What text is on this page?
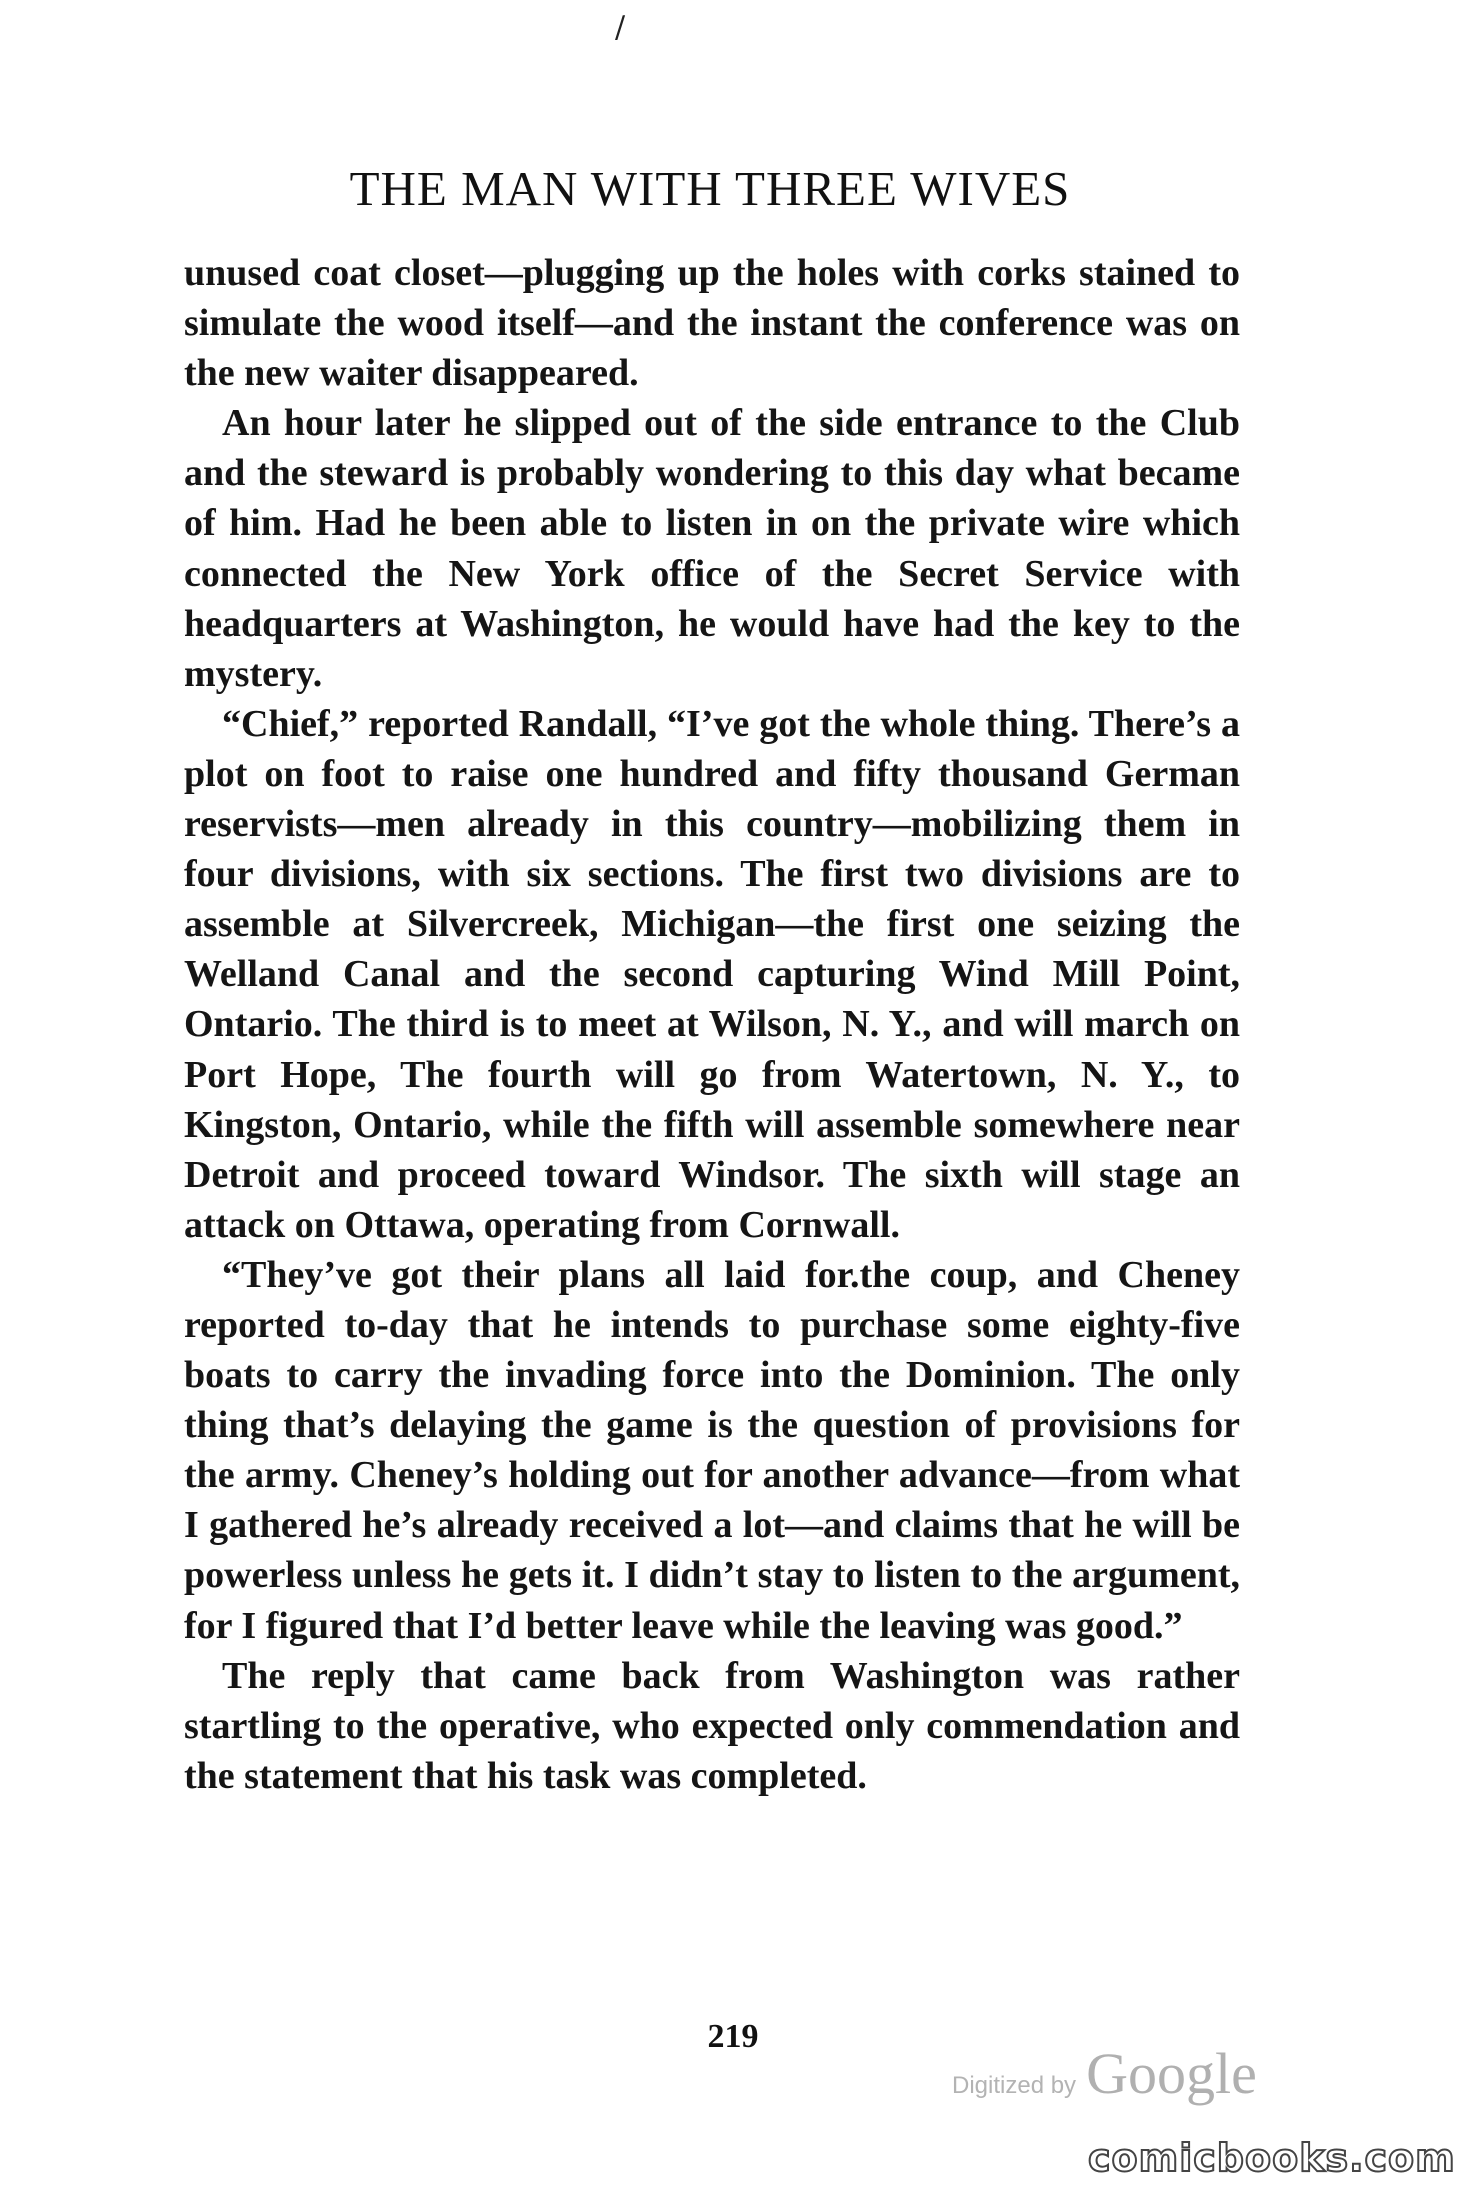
/
THE MAN WITH THREE WIVES

unused coat closet—plugging up the holes with corks stained to simulate the wood itself—and the instant the conference was on the new waiter disappeared.

An hour later he slipped out of the side entrance to the Club and the steward is probably wondering to this day what became of him. Had he been able to listen in on the private wire which connected the New York office of the Secret Service with headquarters at Washington, he would have had the key to the mystery.

“Chief,” reported Randall, “I’ve got the whole thing. There’s a plot on foot to raise one hundred and fifty thousand German reservists—men already in this country—mobilizing them in four divisions, with six sections. The first two divisions are to assemble at Silvercreek, Michigan—the first one seizing the Welland Canal and the second capturing Wind Mill Point, Ontario. The third is to meet at Wilson, N. Y., and will march on Port Hope, The fourth will go from Watertown, N. Y., to Kingston, Ontario, while the fifth will assemble somewhere near Detroit and proceed toward Windsor. The sixth will stage an attack on Ottawa, operating from Cornwall.

“They’ve got their plans all laid for.the coup, and Cheney reported to-day that he intends to purchase some eighty-five boats to carry the invading force into the Dominion. The only thing that’s delaying the game is the question of provisions for the army. Cheney’s holding out for another advance—from what I gathered he’s already received a lot—and claims that he will be powerless unless he gets it. I didn’t stay to listen to the argument, for I figured that I’d better leave while the leaving was good.”

The reply that came back from Washington was rather startling to the operative, who expected only commendation and the statement that his task was completed.

219
Digitized by Google
comicbooks.com
